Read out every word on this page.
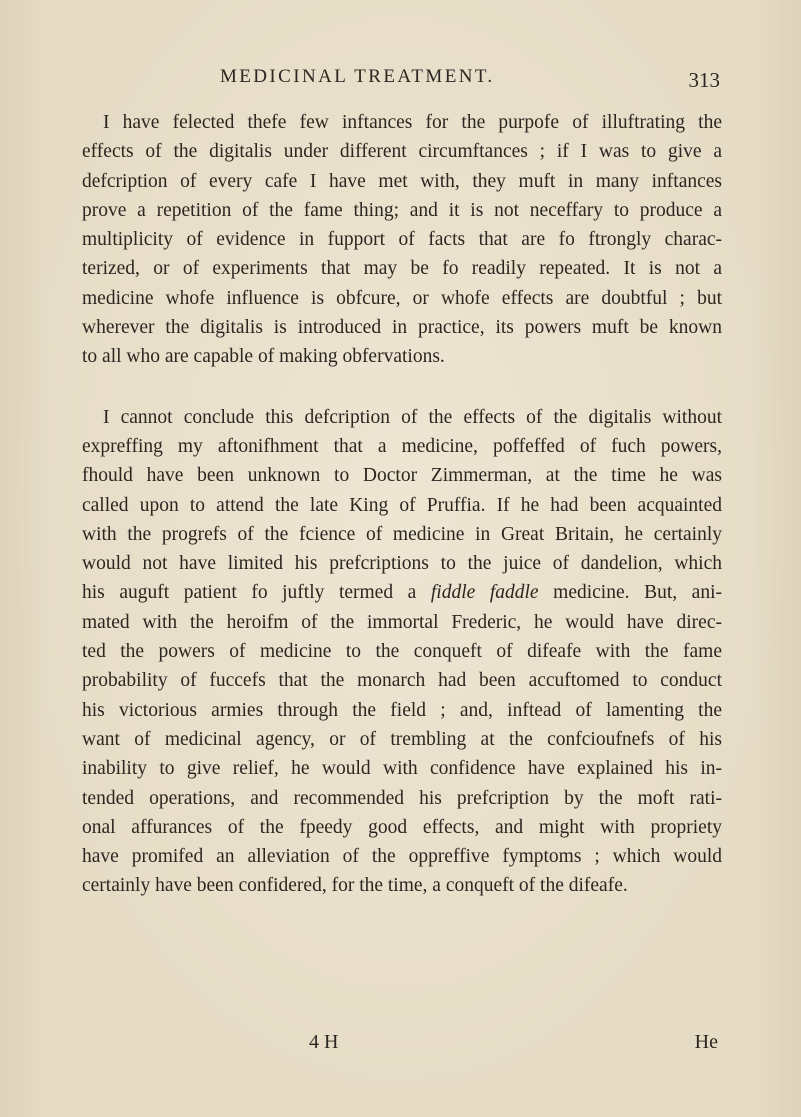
MEDICINAL TREATMENT.	313
I have felected thefe few inftances for the purpofe of illuftrating the
effects of the digitalis under different circumftances ; if I was to give a
defcription of every cafe I have met with, they muft in many inftances
prove a repetition of the fame thing; and it is not neceffary to produce a
multiplicity of evidence in fupport of facts that are fo ftrongly charac-
terized, or of experiments that may be fo readily repeated. It is not a
medicine whofe influence is obfcure, or whofe effects are doubtful ; but
wherever the digitalis is introduced in practice, its powers muft be known
to all who are capable of making obfervations.
I cannot conclude this defcription of the effects of the digitalis without
expreffing my aftonifhment that a medicine, poffeffed of fuch powers,
fhould have been unknown to Doctor Zimmerman, at the time he was
called upon to attend the late King of Pruffia. If he had been acquainted
with the progrefs of the fcience of medicine in Great Britain, he certainly
would not have limited his prefcriptions to the juice of dandelion, which
his auguft patient fo juftly termed a fiddle faddle medicine. But, ani-
mated with the heroifm of the immortal Frederic, he would have direc-
ted the powers of medicine to the conqueft of difeafe with the fame
probability of fuccefs that the monarch had been accuftomed to conduct
his victorious armies through the field ; and, inftead of lamenting the
want of medicinal agency, or of trembling at the confcioufnefs of his
inability to give relief, he would with confidence have explained his in-
tended operations, and recommended his prefcription by the moft rati-
onal affurances of the fpeedy good effects, and might with propriety
have promifed an alleviation of the oppreffive fymptoms ; which would
certainly have been confidered, for the time, a conqueft of the difeafe.
4 H	He
